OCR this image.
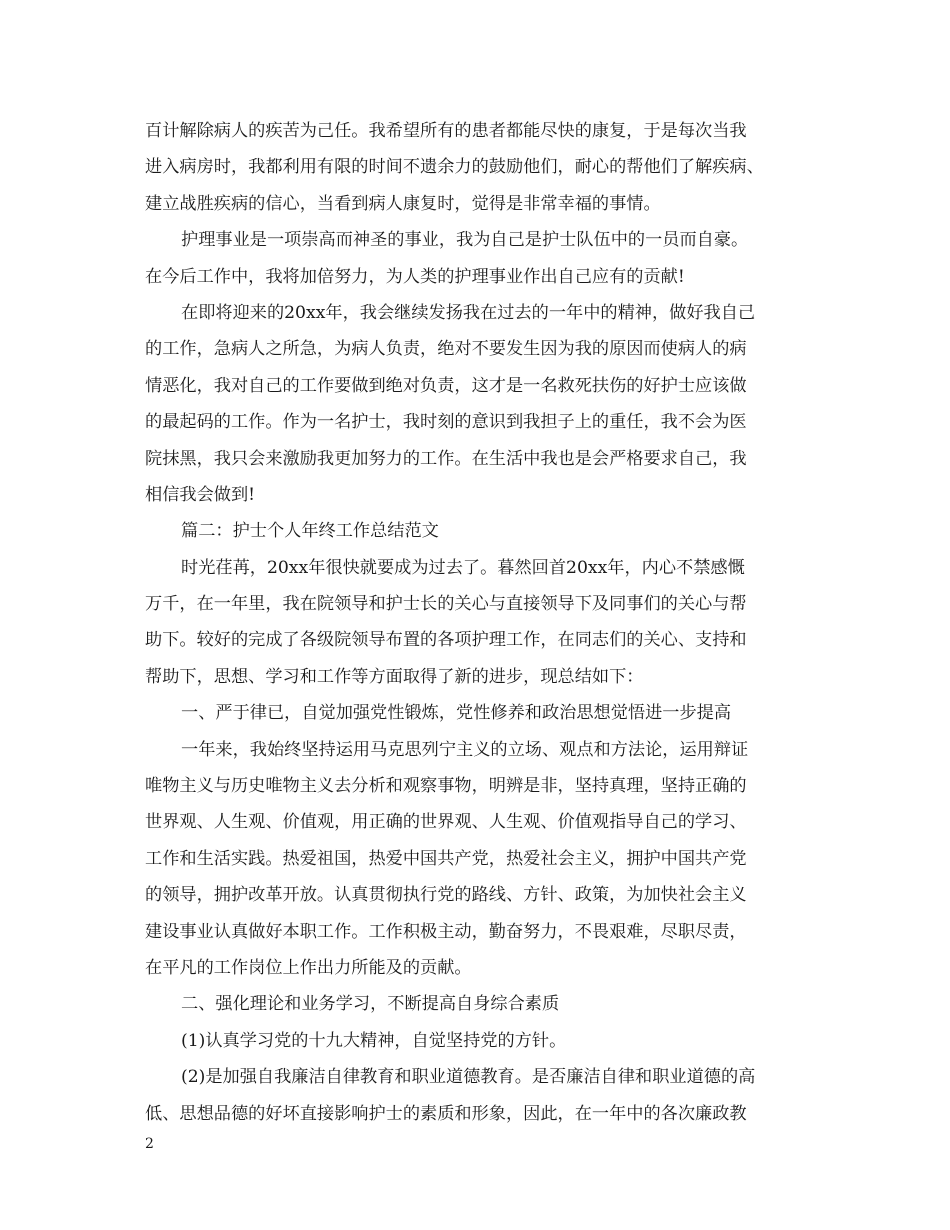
百计解除病人的疾苦为己任。我希望所有的患者都能尽快的康复，于是每次当我
进入病房时，我都利用有限的时间不遗余力的鼓励他们，耐心的帮他们了解疾病、
建立战胜疾病的信心，当看到病人康复时，觉得是非常幸福的事情。
护理事业是一项崇高而神圣的事业，我为自己是护士队伍中的一员而自豪。
在今后工作中，我将加倍努力，为人类的护理事业作出自己应有的贡献!
在即将迎来的20xx年，我会继续发扬我在过去的一年中的精神，做好我自己
的工作，急病人之所急，为病人负责，绝对不要发生因为我的原因而使病人的病
情恶化，我对自己的工作要做到绝对负责，这才是一名救死扶伤的好护士应该做
的最起码的工作。作为一名护士，我时刻的意识到我担子上的重任，我不会为医
院抹黑，我只会来激励我更加努力的工作。在生活中我也是会严格要求自己，我
相信我会做到!
篇二：护士个人年终工作总结范文
时光荏苒，20xx年很快就要成为过去了。暮然回首20xx年，内心不禁感慨
万千，在一年里，我在院领导和护士长的关心与直接领导下及同事们的关心与帮
助下。较好的完成了各级院领导布置的各项护理工作，在同志们的关心、支持和
帮助下，思想、学习和工作等方面取得了新的进步，现总结如下：
一、严于律已，自觉加强党性锻炼，党性修养和政治思想觉悟进一步提高
一年来，我始终坚持运用马克思列宁主义的立场、观点和方法论，运用辩证
唯物主义与历史唯物主义去分析和观察事物，明辨是非，坚持真理，坚持正确的
世界观、人生观、价值观，用正确的世界观、人生观、价值观指导自己的学习、
工作和生活实践。热爱祖国，热爱中国共产党，热爱社会主义，拥护中国共产党
的领导，拥护改革开放。认真贯彻执行党的路线、方针、政策，为加快社会主义
建设事业认真做好本职工作。工作积极主动，勤奋努力，不畏艰难，尽职尽责，
在平凡的工作岗位上作出力所能及的贡献。
二、强化理论和业务学习，不断提高自身综合素质
(1)认真学习党的十九大精神，自觉坚持党的方针。
(2)是加强自我廉洁自律教育和职业道德教育。是否廉洁自律和职业道德的高
低、思想品德的好坏直接影响护士的素质和形象，因此，在一年中的各次廉政教
2
